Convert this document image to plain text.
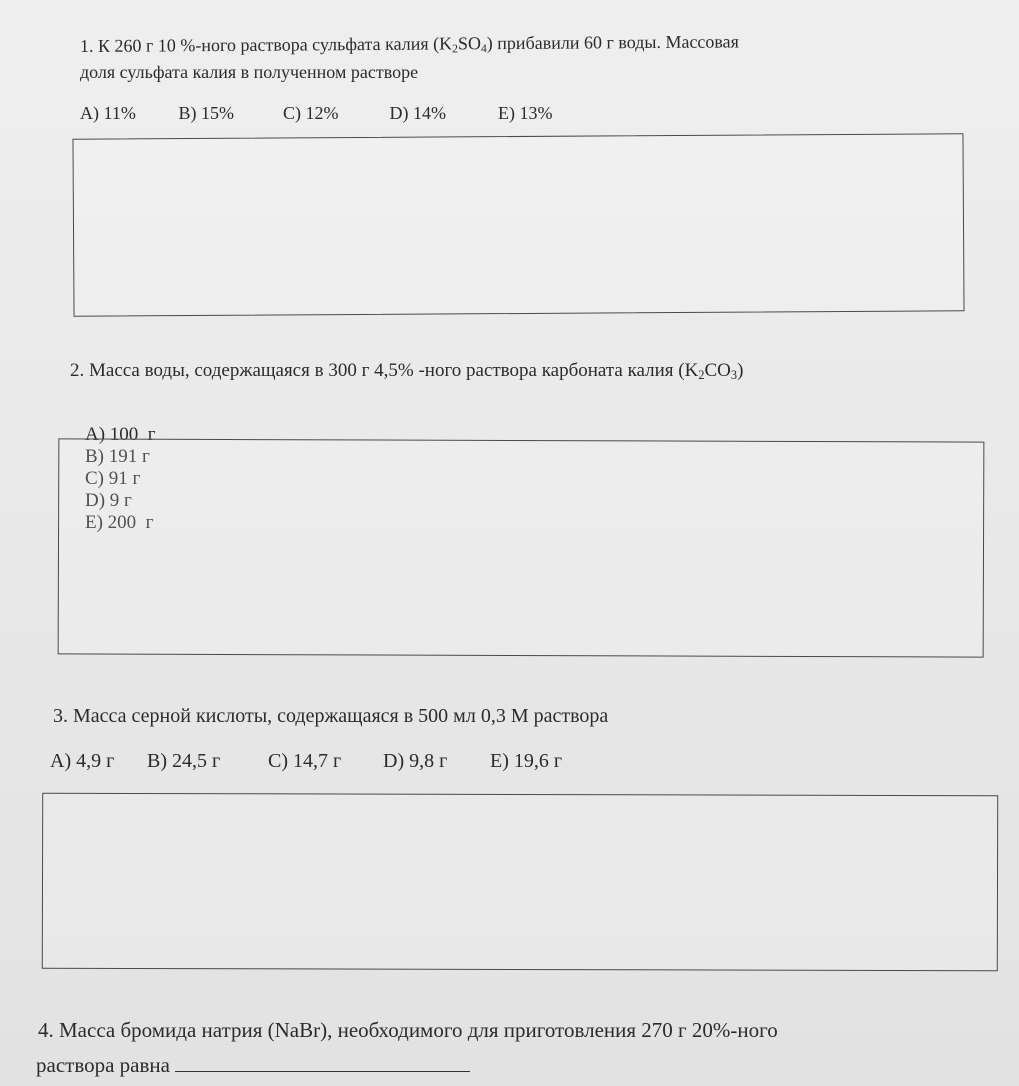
1. К 260 г 10 %-ного раствора сульфата калия $(K_2SO_4)$ прибавили 60 г воды. Массовая
доля сульфата калия в полученном растворе
A) 11% B) 15%	C) 12%	D) 14%	E) 13%
2. Масса воды, содержащаяся в 300 г 4,5% -ного раствора карбоната калия $(K_2CO_3)$

A) 100  г
B) 191 г
C) 91 г
D) 9 г
E) 200  г

3. Масса серной кислоты, содержащаяся в 500 мл 0,3 М раствора
A) 4,9 г B) 24,5 г C) 14,7 г D) 9,8 г E) 19,6 г
4. Масса бромида натрия (NaBr), необходимого для приготовления 270 г 20%-ного
раствора равна
